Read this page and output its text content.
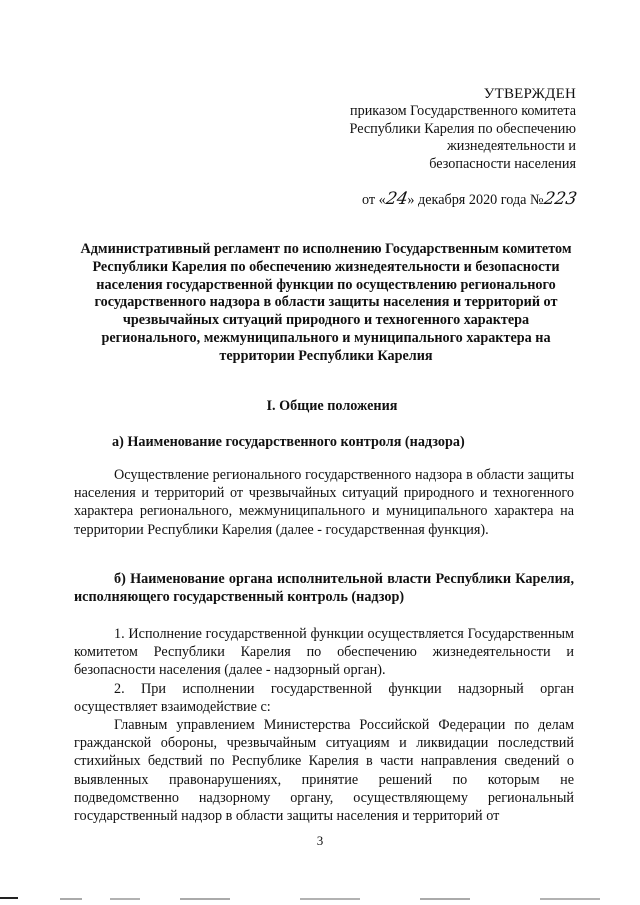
УТВЕРЖДЕН
приказом Государственного комитета
Республики Карелия по обеспечению
жизнедеятельности и
безопасности населения
от «24» декабря 2020 года №223
Административный регламент по исполнению Государственным комитетом Республики Карелия по обеспечению жизнедеятельности и безопасности населения государственной функции по осуществлению регионального государственного надзора в области защиты населения и территорий от чрезвычайных ситуаций природного и техногенного характера регионального, межмуниципального и муниципального характера на территории Республики Карелия
I. Общие положения
а) Наименование государственного контроля (надзора)
Осуществление регионального государственного надзора в области защиты населения и территорий от чрезвычайных ситуаций природного и техногенного характера регионального, межмуниципального и муниципального характера на территории Республики Карелия (далее - государственная функция).
б) Наименование органа исполнительной власти Республики Карелия, исполняющего государственный контроль (надзор)
1. Исполнение государственной функции осуществляется Государственным комитетом Республики Карелия по обеспечению жизнедеятельности и безопасности населения (далее - надзорный орган).
2. При исполнении государственной функции надзорный орган осуществляет взаимодействие с:
Главным управлением Министерства Российской Федерации по делам гражданской обороны, чрезвычайным ситуациям и ликвидации последствий стихийных бедствий по Республике Карелия в части направления сведений о выявленных правонарушениях, принятие решений по которым не подведомственно надзорному органу, осуществляющему региональный государственный надзор в области защиты населения и территорий от
3
